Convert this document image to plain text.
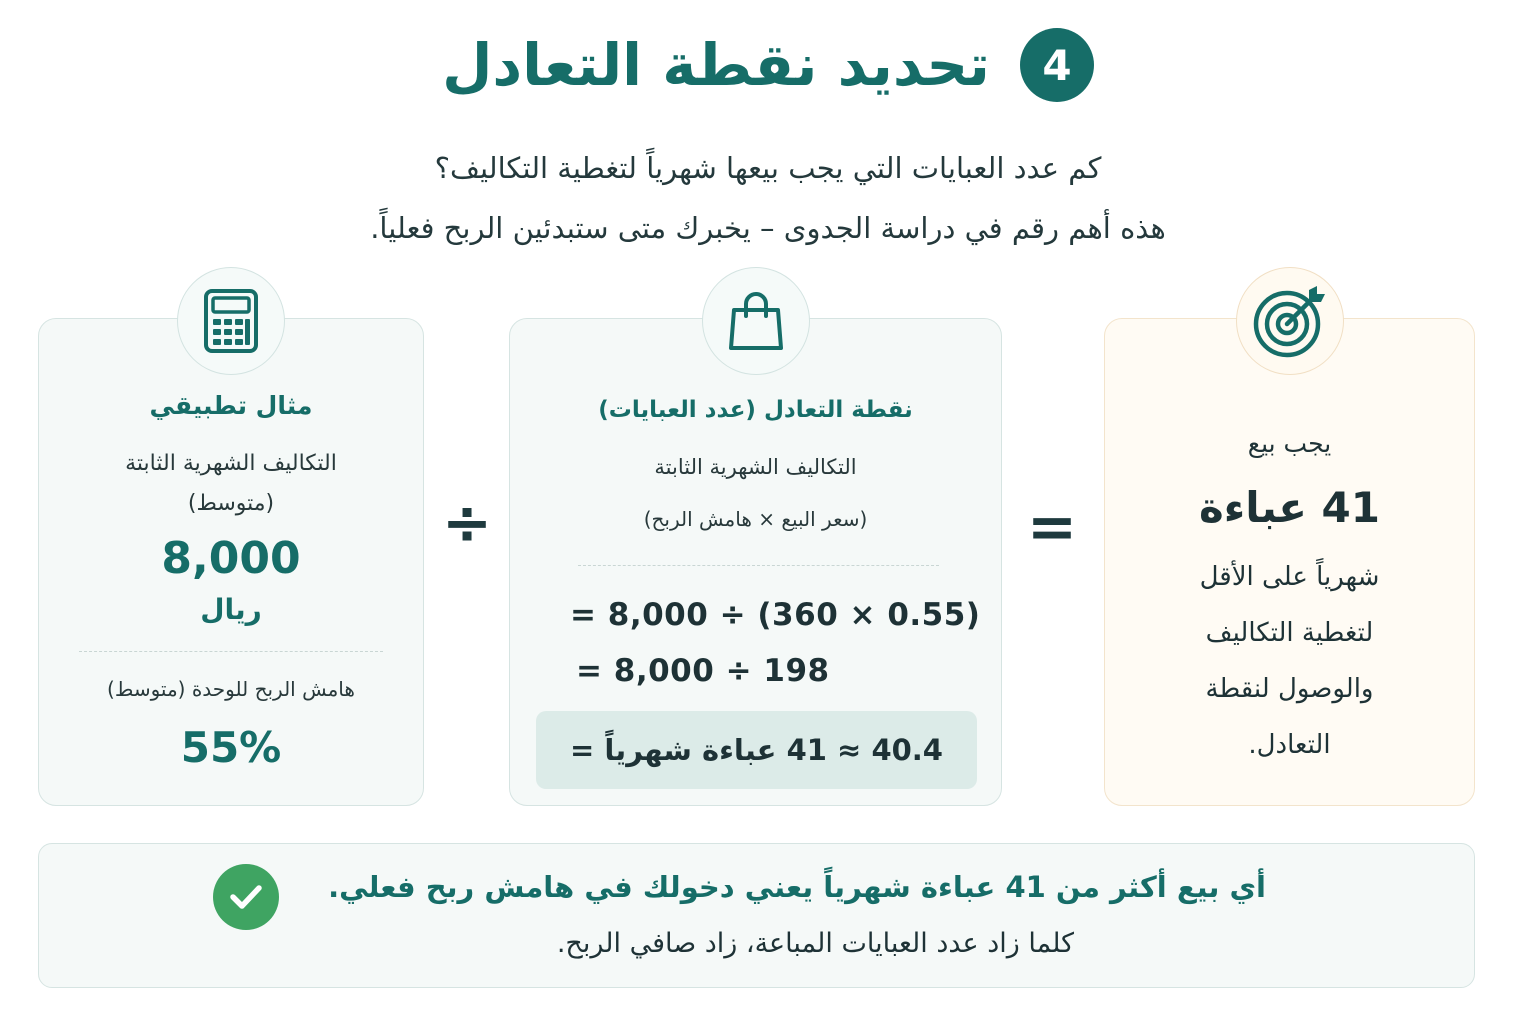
4
تحديد نقطة التعادل
كم عدد العبايات التي يجب بيعها شهرياً لتغطية التكاليف؟
هذه أهم رقم في دراسة الجدوى – يخبرك متى ستبدئين الربح فعلياً.
مثال تطبيقي
التكاليف الشهرية الثابتة
(متوسط)
8,000
ريال
هامش الربح للوحدة (متوسط)
55%
÷
نقطة التعادل (عدد العبايات)
التكاليف الشهرية الثابتة
(سعر البيع × هامش الربح)
= 8,000 ÷ (360 × 0.55)
= 8,000 ÷ 198
40.4 ≈ 41 عباءة شهرياً =
=
يجب بيع
41 عباءة
شهرياً على الأقل
لتغطية التكاليف
والوصول لنقطة
التعادل.
أي بيع أكثر من 41 عباءة شهرياً يعني دخولك في هامش ربح فعلي.
كلما زاد عدد العبايات المباعة، زاد صافي الربح.
